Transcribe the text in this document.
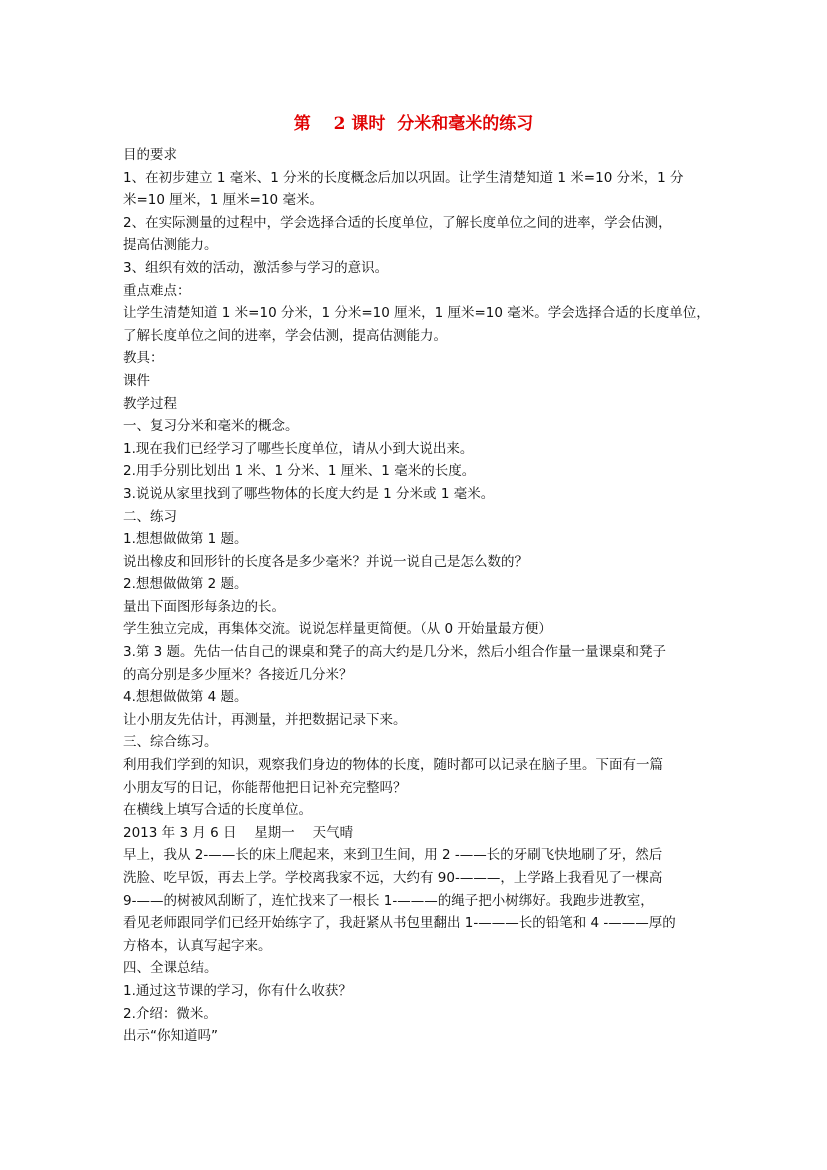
第　 2 课时  分米和毫米的练习

目的要求

1、在初步建立 1 毫米、1 分米的长度概念后加以巩固。让学生清楚知道 1 米=10 分米，1 分

米=10 厘米，1 厘米=10 毫米。

2、在实际测量的过程中，学会选择合适的长度单位，了解长度单位之间的进率，学会估测，

提高估测能力。

3、组织有效的活动，激活参与学习的意识。

重点难点：

让学生清楚知道 1 米=10 分米，1 分米=10 厘米，1 厘米=10 毫米。学会选择合适的长度单位，

了解长度单位之间的进率，学会估测，提高估测能力。

教具：

课件

教学过程

一、复习分米和毫米的概念。

1.现在我们已经学习了哪些长度单位，请从小到大说出来。

2.用手分别比划出 1 米、1 分米、1 厘米、1 毫米的长度。

3.说说从家里找到了哪些物体的长度大约是 1 分米或 1 毫米。

二、练习

1.想想做做第 1 题。

说出橡皮和回形针的长度各是多少毫米？并说一说自己是怎么数的？

2.想想做做第 2 题。

量出下面图形每条边的长。

学生独立完成，再集体交流。说说怎样量更简便。（从 0 开始量最方便）

3.第 3 题。先估一估自己的课桌和凳子的高大约是几分米，然后小组合作量一量课桌和凳子

的高分别是多少厘米？各接近几分米？

4.想想做做第 4 题。

让小朋友先估计，再测量，并把数据记录下来。

三、综合练习。

利用我们学到的知识，观察我们身边的物体的长度，随时都可以记录在脑子里。下面有一篇

小朋友写的日记，你能帮他把日记补充完整吗？

在横线上填写合适的长度单位。

2013 年 3 月 6 日　 星期一　 天气晴

早上，我从 2-——长的床上爬起来，来到卫生间，用 2 -——长的牙刷飞快地刷了牙，然后

洗脸、吃早饭，再去上学。学校离我家不远，大约有 90-———，上学路上我看见了一棵高

9-——的树被风刮断了，连忙找来了一根长 1-———的绳子把小树绑好。我跑步进教室，

看见老师跟同学们已经开始练字了，我赶紧从书包里翻出 1-———长的铅笔和 4 -———厚的

方格本，认真写起字来。

四、全课总结。

1.通过这节课的学习，你有什么收获？

2.介绍：微米。

出示“你知道吗”
